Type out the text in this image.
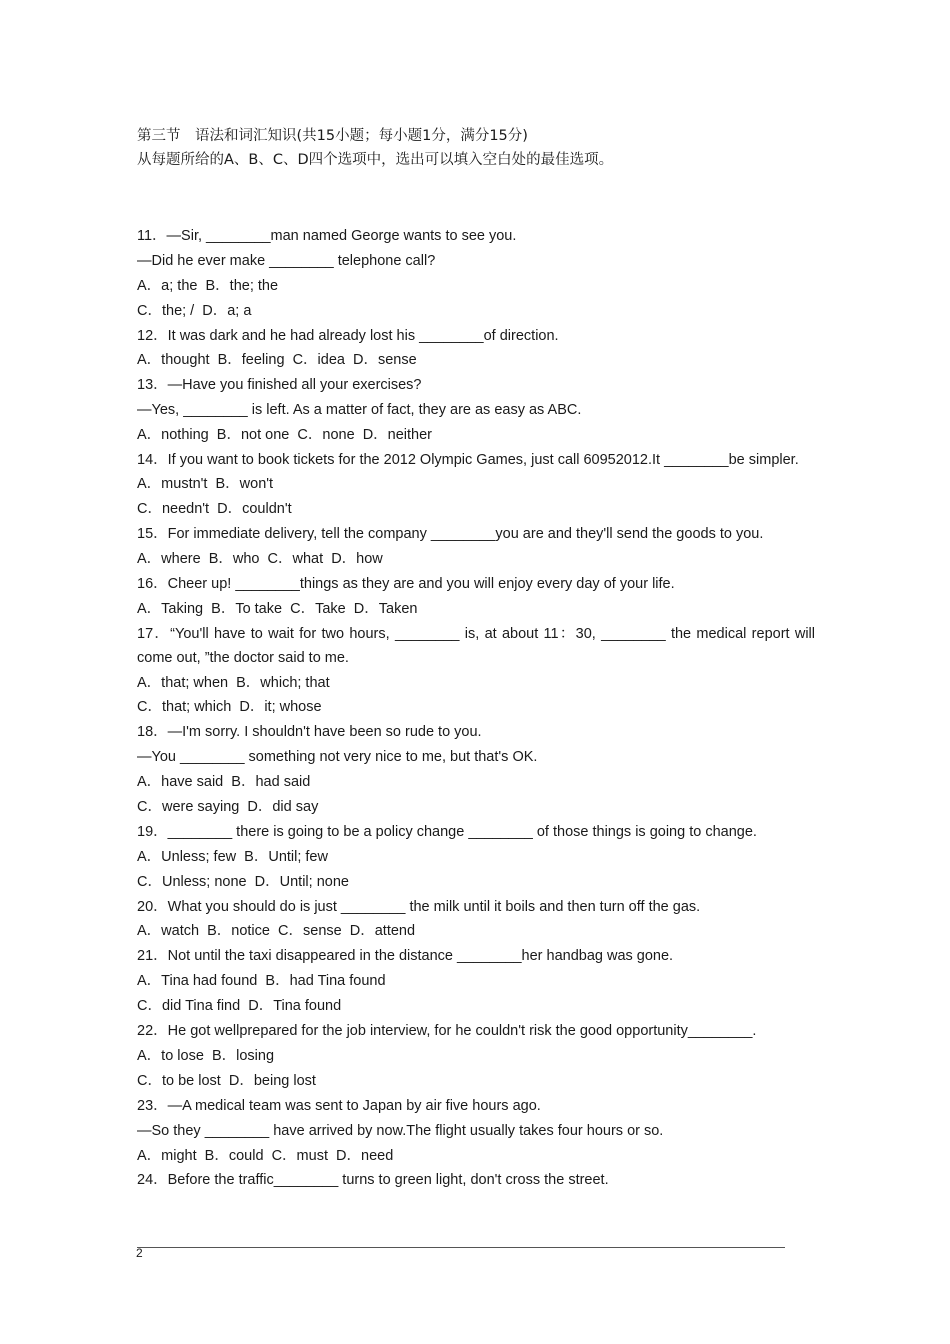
第三节　语法和词汇知识(共15小题；每小题1分，满分15分)
从每题所给的A、B、C、D四个选项中，选出可以填入空白处的最佳选项。
11．—Sir, ________man named George wants to see you.
—Did he ever make ________ telephone call?
A．a; the  B．the; the
C．the; /  D．a; a
12．It was dark and he had already lost his ________of direction.
A．thought  B．feeling  C．idea  D．sense
13．—Have you finished all your exercises?
—Yes, ________ is left. As a matter of fact, they are as easy as ABC.
A．nothing  B．not one  C．none  D．neither
14．If you want to book tickets for the 2012 Olympic Games, just call 60952012.It ________be simpler.
A．mustn't  B．won't
C．needn't  D．couldn't
15．For immediate delivery, tell the company ________you are and they'll send the goods to you.
A．where  B．who  C．what  D．how
16．Cheer up! ________things as they are and you will enjoy every day of your life.
A．Taking  B．To take  C．Take  D．Taken
17．“You'll have to wait for two hours, ________ is, at about 11：30, ________ the medical report will come out, ”the doctor said to me.
A．that; when  B．which; that
C．that; which  D．it; whose
18．—I'm sorry. I shouldn't have been so rude to you.
—You ________ something not very nice to me, but that's OK.
A．have said  B．had said
C．were saying  D．did say
19．________ there is going to be a policy change ________ of those things is going to change.
A．Unless; few  B．Until; few
C．Unless; none  D．Until; none
20．What you should do is just ________ the milk until it boils and then turn off the gas.
A．watch  B．notice  C．sense  D．attend
21．Not until the taxi disappeared in the distance ________her handbag was gone.
A．Tina had found  B．had Tina found
C．did Tina find  D．Tina found
22．He got wellprepared for the job interview, for he couldn't risk the good opportunity________.
A．to lose  B．losing
C．to be lost  D．being lost
23．—A medical team was sent to Japan by air five hours ago.
—So they ________ have arrived by now.The flight usually takes four hours or so.
A．might  B．could  C．must  D．need
24．Before the traffic________ turns to green light, don't cross the street.
2
